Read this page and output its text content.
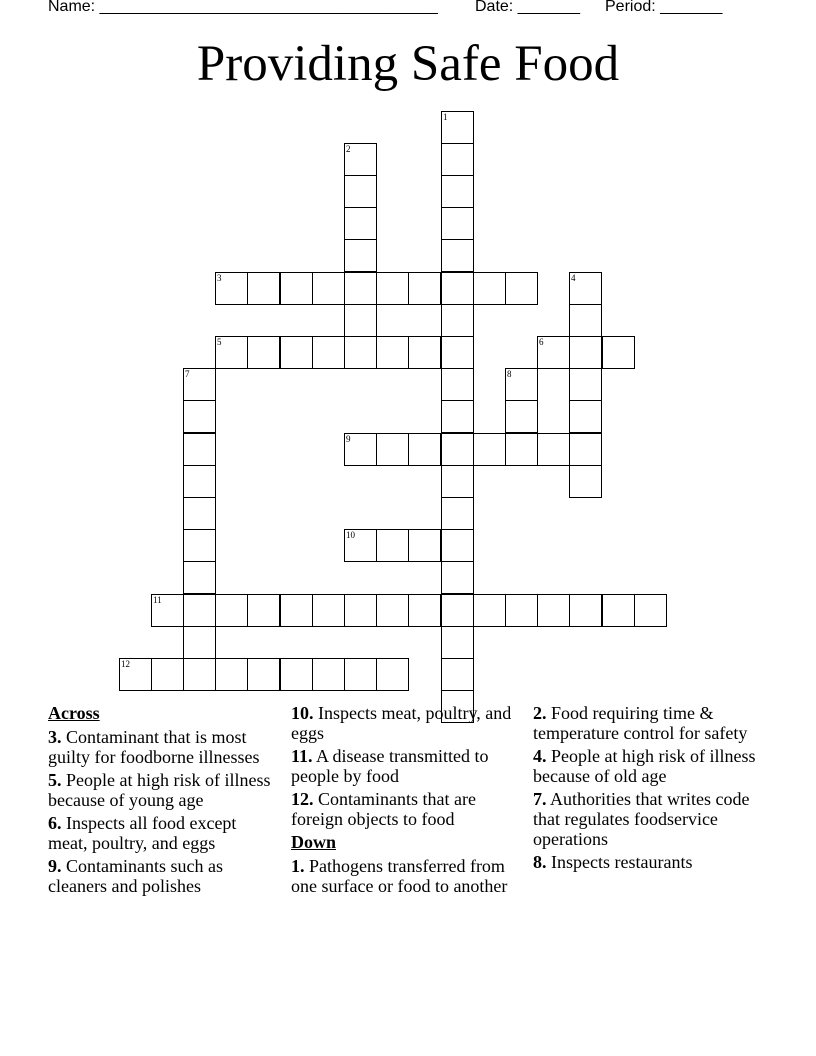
Name: ______________________________________

Date: _______

Period: _______

Providing Safe Food
1
2
3	4
5	6
7	8
9
10
11
12
Across
3. Contaminant that is most guilty for foodborne illnesses
5. People at high risk of illness because of young age
6. Inspects all food except meat, poultry, and eggs
9. Contaminants such as cleaners and polishes
10. Inspects meat, poultry, and eggs
11. A disease transmitted to people by food
12. Contaminants that are foreign objects to food
Down
1. Pathogens transferred from one surface or food to another
2. Food requiring time & temperature control for safety
4. People at high risk of illness because of old age
7. Authorities that writes code that regulates foodservice operations
8. Inspects restaurants
